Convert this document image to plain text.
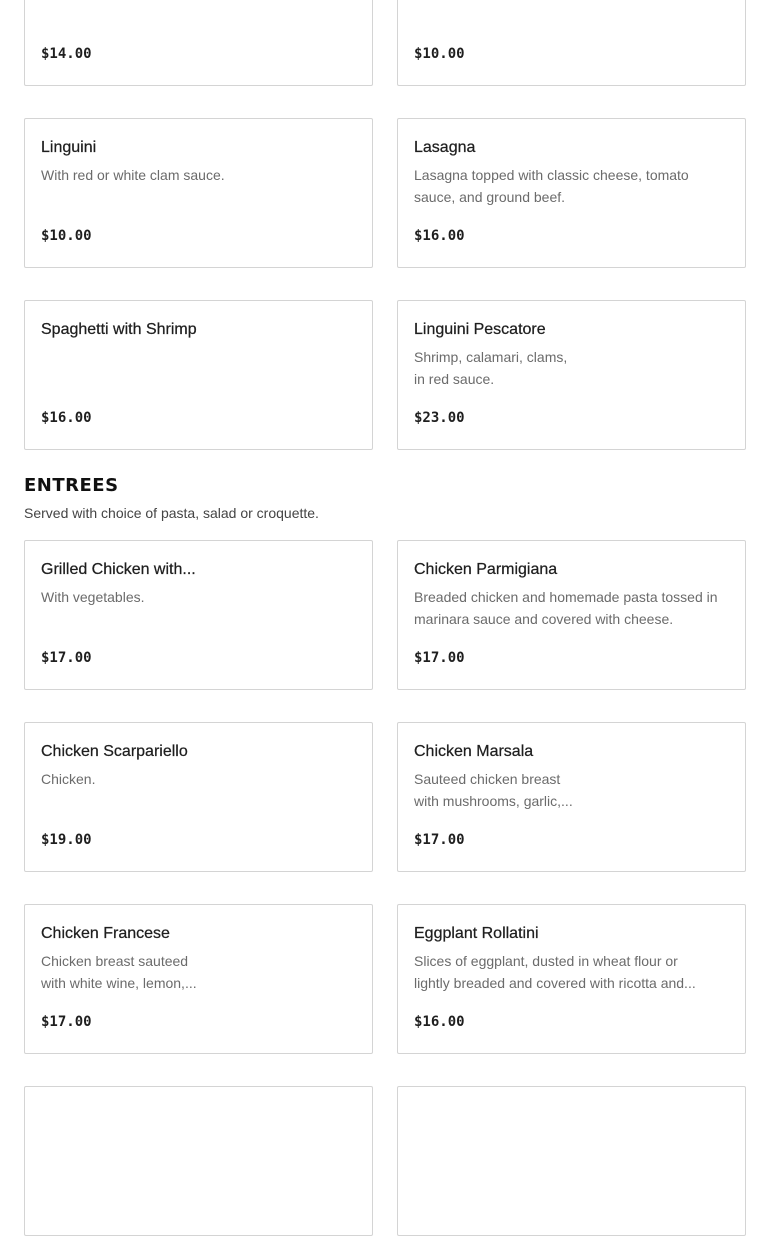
$14.00	$10.00
Linguini
With red or white clam sauce.
$10.00
Lasagna
Lasagna topped with classic cheese, tomato
sauce, and ground beef.
$16.00
Spaghetti with Shrimp
$16.00
Linguini Pescatore
Shrimp, calamari, clams,
in red sauce.
$23.00
ENTREES
Served with choice of pasta, salad or croquette.
Grilled Chicken with...
With vegetables.
$17.00
Chicken Parmigiana
Breaded chicken and homemade pasta tossed in
marinara sauce and covered with cheese.
$17.00
Chicken Scarpariello
Chicken.
$19.00
Chicken Marsala
Sauteed chicken breast
with mushrooms, garlic,...
$17.00
Chicken Francese
Chicken breast sauteed
with white wine, lemon,...
$17.00
Eggplant Rollatini
Slices of eggplant, dusted in wheat flour or
lightly breaded and covered with ricotta and...
$16.00
